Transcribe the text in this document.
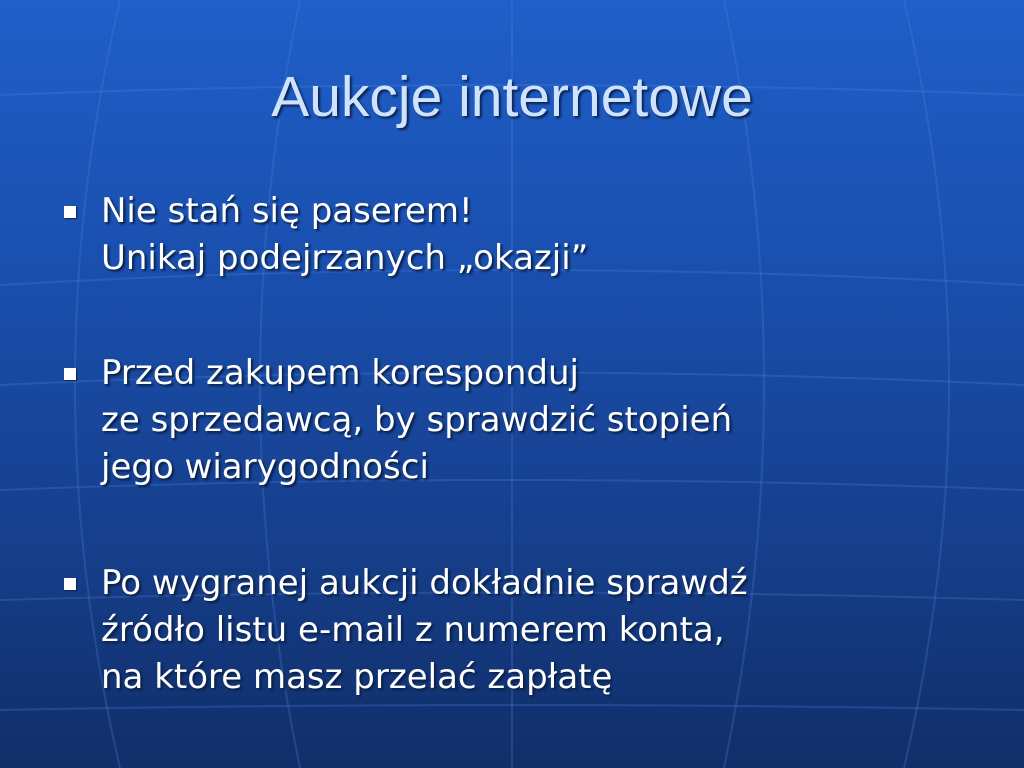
Aukcje internetowe
Nie stań się paserem!
Unikaj podejrzanych „okazji”
Przed zakupem koresponduj
ze sprzedawcą, by sprawdzić stopień
jego wiarygodności
Po wygranej aukcji dokładnie sprawdź
źródło listu e-mail z numerem konta,
na które masz przelać zapłatę
